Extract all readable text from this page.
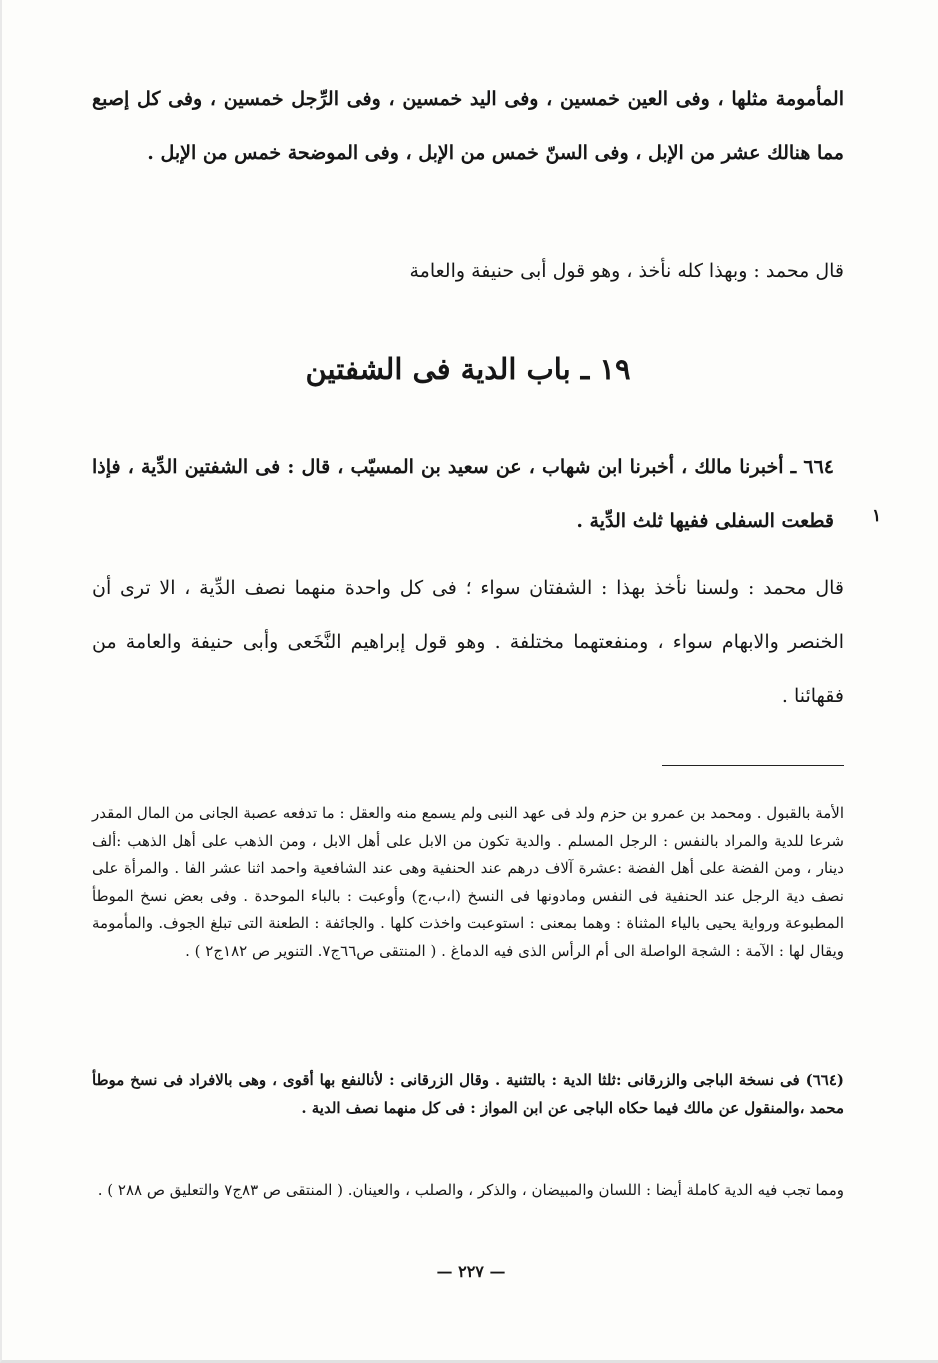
المأمومة مثلها ، وفى العين خمسين ، وفى اليد خمسين ، وفى الرِّجل خمسين ، وفى كل إصبع مما هنالك عشر من الإبل ، وفى السنّ خمس من الإبل ، وفى الموضحة خمس من الإبل .
قال محمد : وبهذا كله نأخذ ، وهو قول أبى حنيفة والعامة
١٩ ـ باب الدية فى الشفتين
٦٦٤ ـ أخبرنا مالك ، أخبرنا ابن شهاب ، عن سعيد بن المسيّب ، قال : فى الشفتين الدِّية ، فإذا قطعت السفلى ففيها ثلث الدِّية . ١
قال محمد : ولسنا نأخذ بهذا : الشفتان سواء ؛ فى كل واحدة منهما نصف الدِّية ، الا ترى أن الخنصر والابهام سواء ، ومنفعتهما مختلفة . وهو قول إبراهيم النَّخَعى وأبى حنيفة والعامة من فقهائنا .
الأمة بالقبول . ومحمد بن عمرو بن حزم ولد فى عهد النبى ولم يسمع منه والعقل : ما تدفعه عصبة الجانى من المال المقدر شرعا للدية والمراد بالنفس : الرجل المسلم . والدية تكون من الابل على أهل الابل ، ومن الذهب على أهل الذهب :ألف دينار ، ومن الفضة على أهل الفضة :عشرة آلاف درهم عند الحنفية وهى عند الشافعية واحمد اثنا عشر الفا . والمرأة على نصف دية الرجل عند الحنفية فى النفس ومادونها فى النسخ (ا،ب،ج) وأوعبت : بالباء الموحدة . وفى بعض نسخ الموطأ المطبوعة ورواية يحيى بالياء المثناة : وهما بمعنى : استوعبت واخذت كلها . والجائفة : الطعنة التى تبلغ الجوف. والمأمومة ويقال لها : الآمة : الشجة الواصلة الى أم الرأس الذى فيه الدماغ . ( المنتقى ص٦٦ج٧. التنوير ص ١٨٢ج٢ ) .
(٦٦٤) فى نسخة الباجى والزرقانى :ثلثا الدية : بالتثنية . وقال الزرقانى : لأنالنفع بها أقوى ، وهى بالافراد فى نسخ موطأ محمد ،والمنقول عن مالك فيما حكاه الباجى عن ابن المواز : فى كل منهما نصف الدية .
ومما تجب فيه الدية كاملة أيضا : اللسان والمبيضان ، والذكر ، والصلب ، والعينان. ( المنتقى ص ٨٣ج٧ والتعليق ص ٢٨٨ ) .
— ٢٢٧ —
